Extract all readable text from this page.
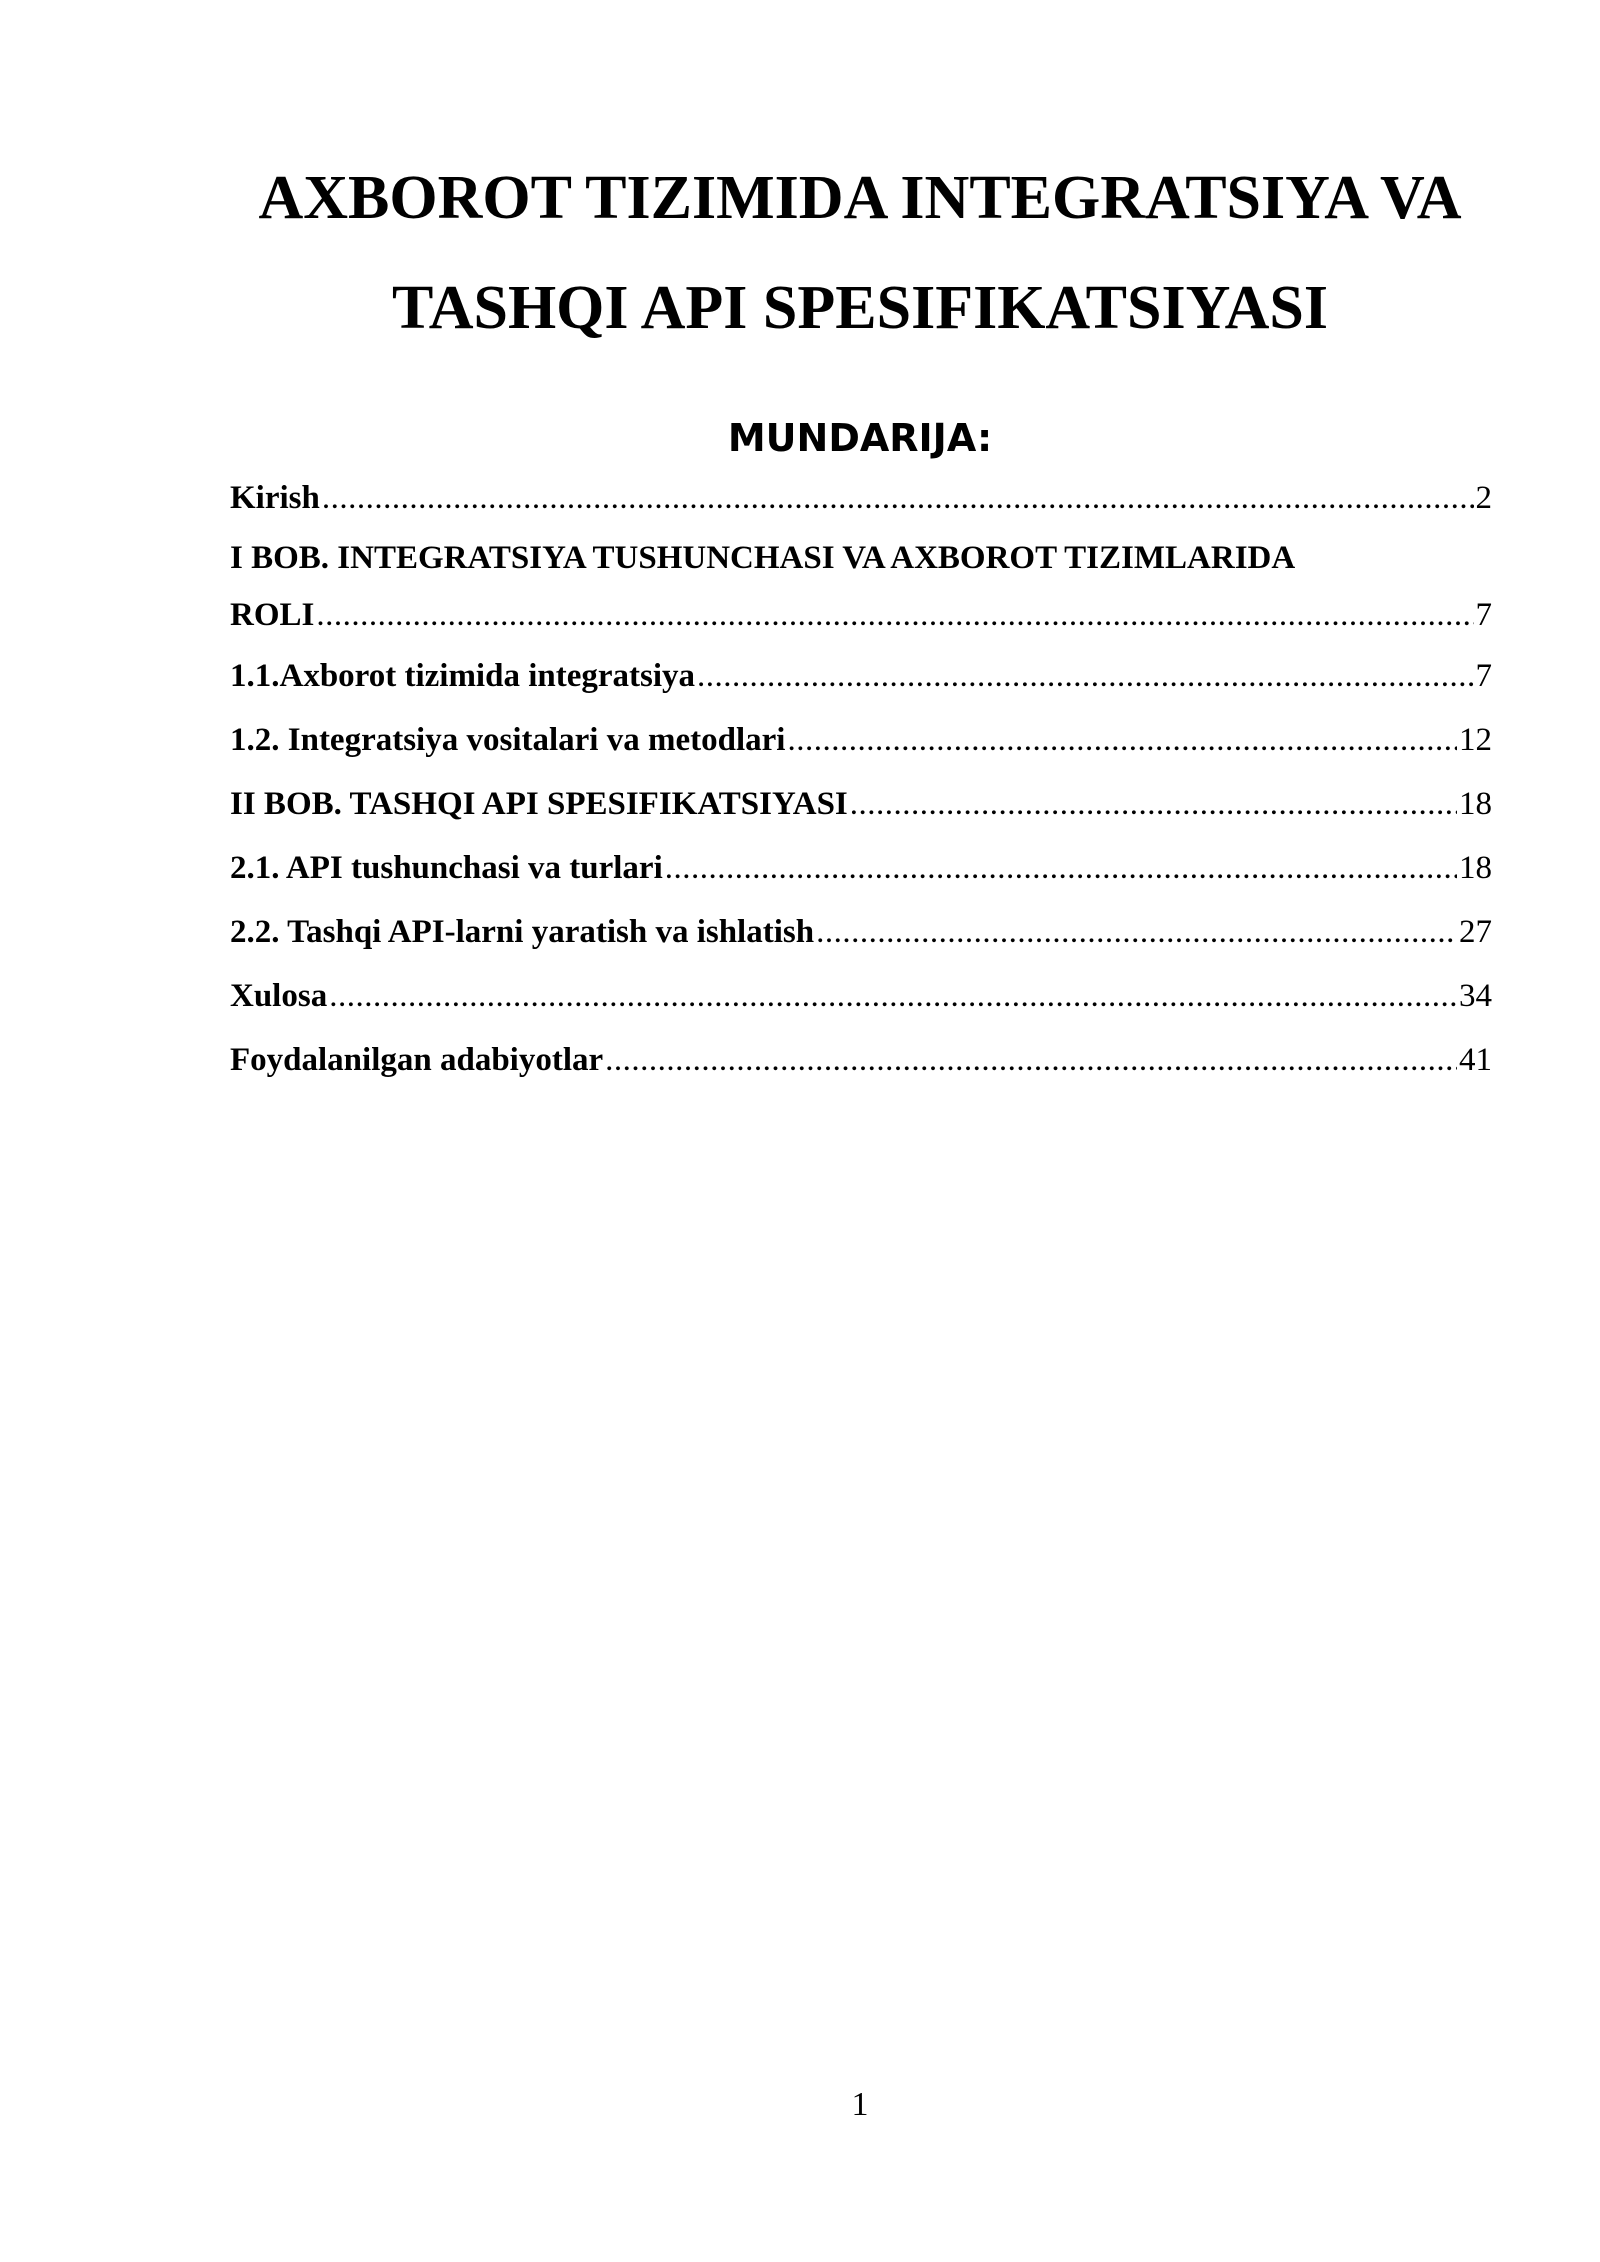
AXBOROT TIZIMIDA INTEGRATSIYA VA
TASHQI API SPESIFIKATSIYASI
MUNDARIJA:
Kirish .....	2
I BOB. INTEGRATSIYA TUSHUNCHASI VA AXBOROT TIZIMLARIDA
ROLI .....	7
1.1.Axborot tizimida integratsiya .....	7
1.2. Integratsiya vositalari va metodlari .....	12
II BOB. TASHQI API SPESIFIKATSIYASI .....	18
2.1. API tushunchasi va turlari .....	18
2.2. Tashqi API-larni yaratish va ishlatish .....	27
Xulosa .....	34
Foydalanilgan adabiyotlar .....	41
1
